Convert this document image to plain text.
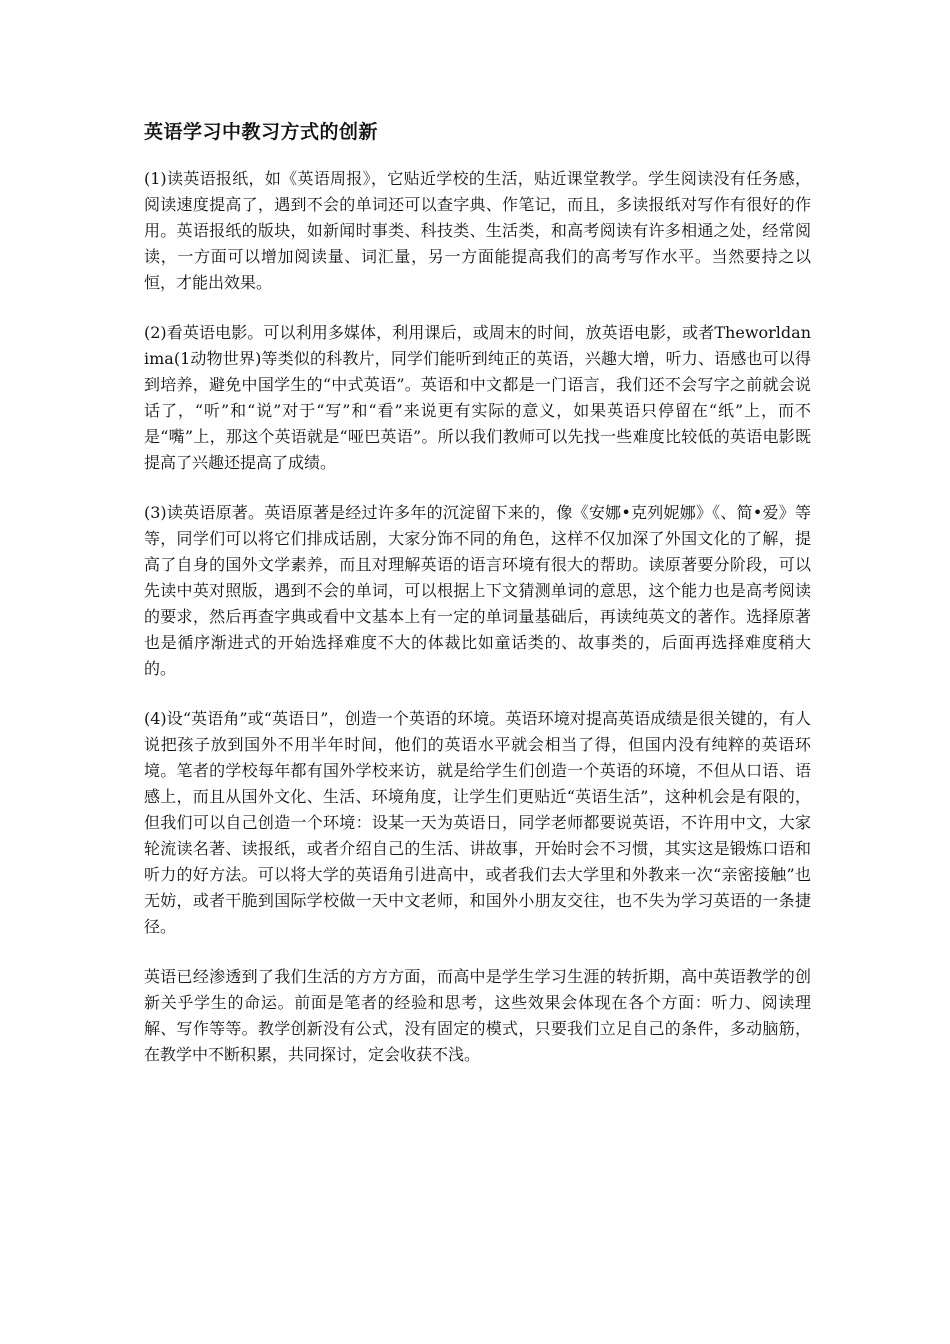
英语学习中教习方式的创新

(1)读英语报纸，如《英语周报》，它贴近学校的生活，贴近课堂教学。学生阅读没有任务感，阅读速度提高了，遇到不会的单词还可以查字典、作笔记，而且，多读报纸对写作有很好的作用。英语报纸的版块，如新闻时事类、科技类、生活类，和高考阅读有许多相通之处，经常阅读，一方面可以增加阅读量、词汇量，另一方面能提高我们的高考写作水平。当然要持之以恒，才能出效果。

(2)看英语电影。可以利用多媒体，利用课后，或周末的时间，放英语电影，或者Theworldanima(1动物世界)等类似的科教片，同学们能听到纯正的英语，兴趣大增，听力、语感也可以得到培养，避免中国学生的“中式英语”。英语和中文都是一门语言，我们还不会写字之前就会说话了，“听”和“说”对于“写”和“看”来说更有实际的意义，如果英语只停留在“纸”上，而不是“嘴”上，那这个英语就是“哑巴英语”。所以我们教师可以先找一些难度比较低的英语电影既提高了兴趣还提高了成绩。

(3)读英语原著。英语原著是经过许多年的沉淀留下来的，像《安娜•克列妮娜》《、简•爱》等等，同学们可以将它们排成话剧，大家分饰不同的角色，这样不仅加深了外国文化的了解，提高了自身的国外文学素养，而且对理解英语的语言环境有很大的帮助。读原著要分阶段，可以先读中英对照版，遇到不会的单词，可以根据上下文猜测单词的意思，这个能力也是高考阅读的要求，然后再查字典或看中文基本上有一定的单词量基础后，再读纯英文的著作。选择原著也是循序渐进式的开始选择难度不大的体裁比如童话类的、故事类的，后面再选择难度稍大的。

(4)设“英语角”或“英语日”，创造一个英语的环境。英语环境对提高英语成绩是很关键的，有人说把孩子放到国外不用半年时间，他们的英语水平就会相当了得，但国内没有纯粹的英语环境。笔者的学校每年都有国外学校来访，就是给学生们创造一个英语的环境，不但从口语、语感上，而且从国外文化、生活、环境角度，让学生们更贴近“英语生活”，这种机会是有限的，但我们可以自己创造一个环境：设某一天为英语日，同学老师都要说英语，不许用中文，大家轮流读名著、读报纸，或者介绍自己的生活、讲故事，开始时会不习惯，其实这是锻炼口语和听力的好方法。可以将大学的英语角引进高中，或者我们去大学里和外教来一次“亲密接触”也无妨，或者干脆到国际学校做一天中文老师，和国外小朋友交往，也不失为学习英语的一条捷径。

英语已经渗透到了我们生活的方方方面，而高中是学生学习生涯的转折期，高中英语教学的创新关乎学生的命运。前面是笔者的经验和思考，这些效果会体现在各个方面：听力、阅读理解、写作等等。教学创新没有公式，没有固定的模式，只要我们立足自己的条件，多动脑筋，在教学中不断积累，共同探讨，定会收获不浅。
